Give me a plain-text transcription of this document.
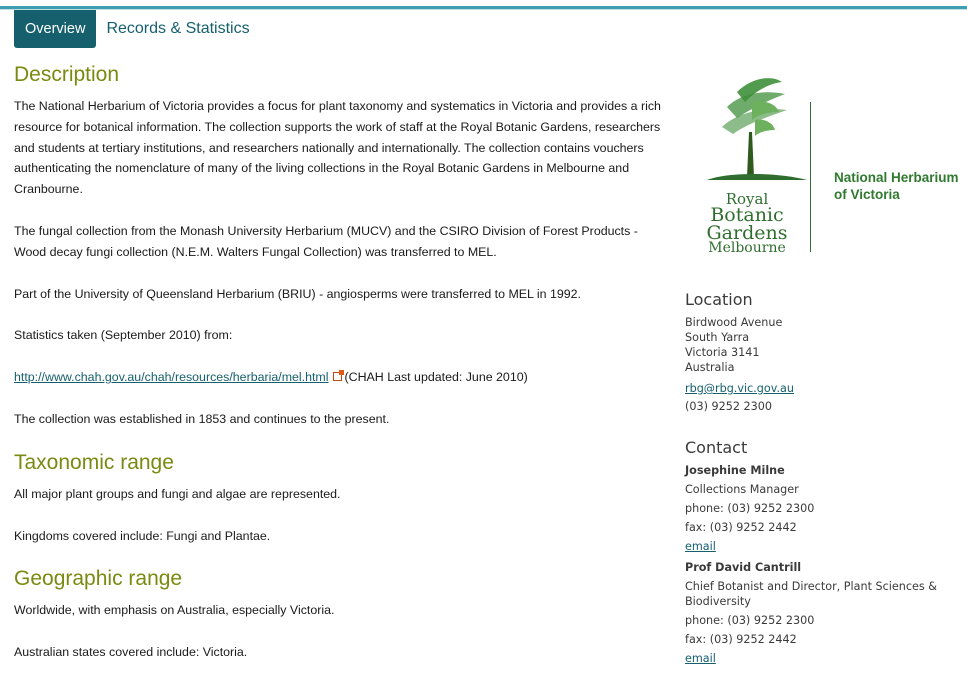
Overview	Records & Statistics
Description

The National Herbarium of Victoria provides a focus for plant taxonomy and systematics in Victoria and provides a rich resource for botanical information. The collection supports the work of staff at the Royal Botanic Gardens, researchers and students at tertiary institutions, and researchers nationally and internationally. The collection contains vouchers authenticating the nomenclature of many of the living collections in the Royal Botanic Gardens in Melbourne and Cranbourne.

The fungal collection from the Monash University Herbarium (MUCV) and the CSIRO Division of Forest Products - Wood decay fungi collection (N.E.M. Walters Fungal Collection) was transferred to MEL.

Part of the University of Queensland Herbarium (BRIU) - angiosperms were transferred to MEL in 1992.

Statistics taken (September 2010) from:

http://www.chah.gov.au/chah/resources/herbaria/mel.html (CHAH Last updated: June 2010)

The collection was established in 1853 and continues to the present.

Taxonomic range

All major plant groups and fungi and algae are represented.

Kingdoms covered include: Fungi and Plantae.

Geographic range

Worldwide, with emphasis on Australia, especially Victoria.

Australian states covered include: Victoria.

Royal
Botanic
Gardens
Melbourne
National Herbarium
of Victoria
Location
Birdwood Avenue
South Yarra
Victoria 3141
Australia
rbg@rbg.vic.gov.au
(03) 9252 2300
Contact
Josephine Milne
Collections Manager
phone: (03) 9252 2300
fax: (03) 9252 2442
email
Prof David Cantrill
Chief Botanist and Director, Plant Sciences & Biodiversity
phone: (03) 9252 2300
fax: (03) 9252 2442
email
